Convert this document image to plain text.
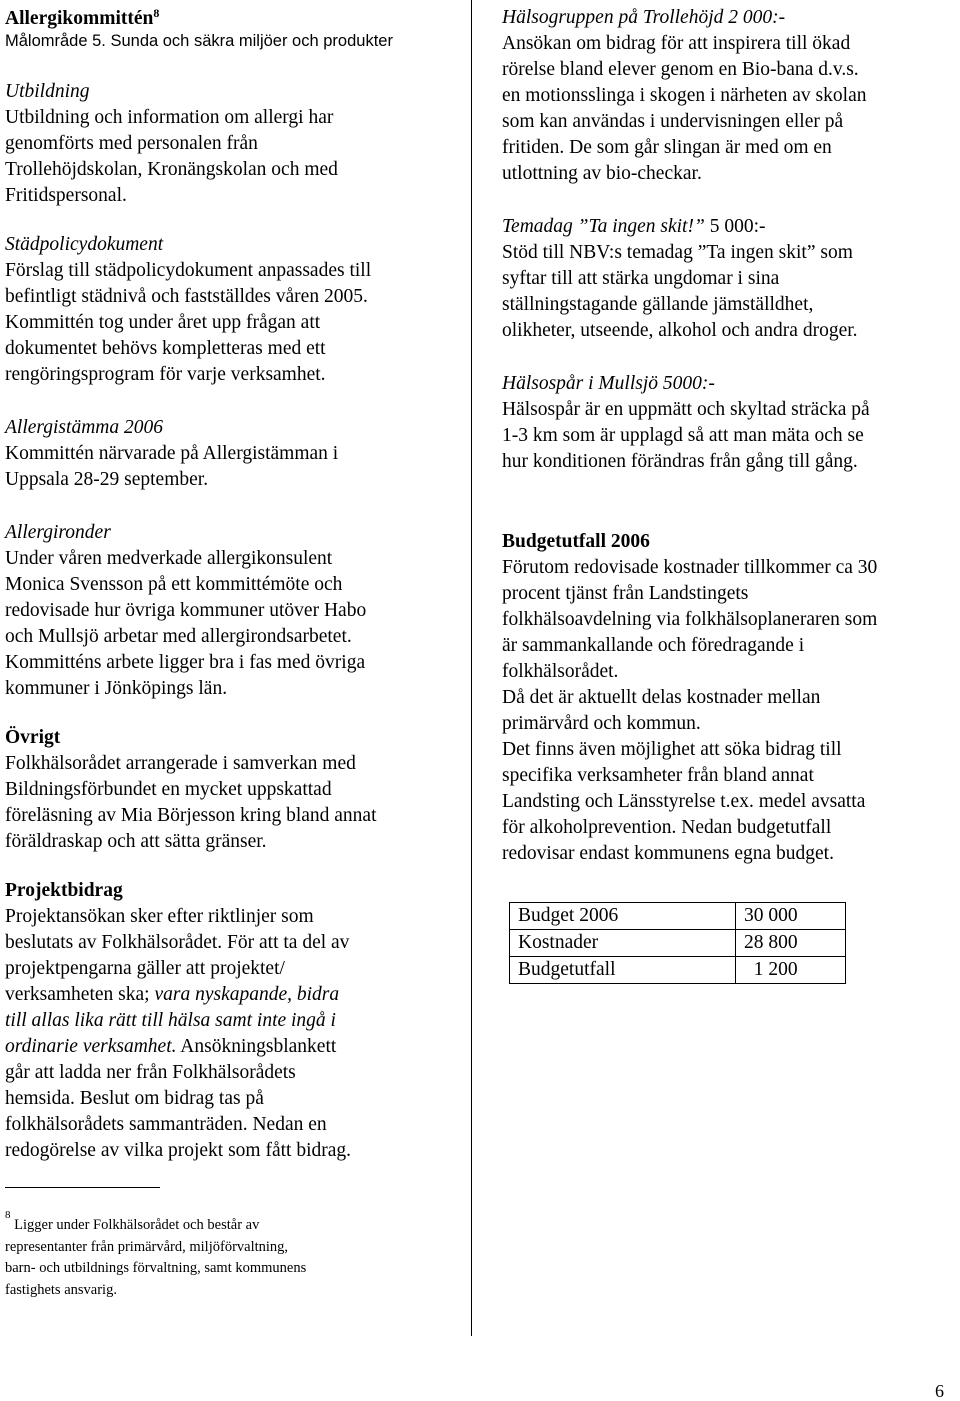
Allergikommittén$^8$

Målområde 5. Sunda och säkra miljöer och produkter

Utbildning

Utbildning och information om allergi har

genomförts med personalen från

Trollehöjdskolan, Kronängskolan och med

Fritidspersonal.

Städpolicydokument

Förslag till städpolicydokument anpassades till

befintligt städnivå och fastställdes våren 2005.

Kommittén tog under året upp frågan att

dokumentet behövs kompletteras med ett

rengöringsprogram för varje verksamhet.

Allergistämma 2006

Kommittén närvarade på Allergistämman i

Uppsala 28-29 september.

Allergironder

Under våren medverkade allergikonsulent

Monica Svensson på ett kommittémöte och

redovisade hur övriga kommuner utöver Habo

och Mullsjö arbetar med allergirondsarbetet.

Kommitténs arbete ligger bra i fas med övriga

kommuner i Jönköpings län.

Övrigt

Folkhälsorådet arrangerade i samverkan med

Bildningsförbundet en mycket uppskattad

föreläsning av Mia Börjesson kring bland annat

föräldraskap och att sätta gränser.

Projektbidrag

Projektansökan sker efter riktlinjer som

beslutats av Folkhälsorådet. För att ta del av

projektpengarna gäller att projektet/

verksamheten ska; vara nyskapande, bidra

till allas lika rätt till hälsa samt inte ingå i

ordinarie verksamhet. Ansökningsblankett

går att ladda ner från Folkhälsorådets

hemsida. Beslut om bidrag tas på

folkhälsorådets sammanträden. Nedan en

redogörelse av vilka projekt som fått bidrag.

Hälsogruppen på Trollehöjd 2 000:-

Ansökan om bidrag för att inspirera till ökad

rörelse bland elever genom en Bio-bana d.v.s.

en motionsslinga i skogen i närheten av skolan

som kan användas i undervisningen eller på

fritiden. De som går slingan är med om en

utlottning av bio-checkar.

Temadag ”Ta ingen skit!” 5 000:-

Stöd till NBV:s temadag ”Ta ingen skit” som

syftar till att stärka ungdomar i sina

ställningstagande gällande jämställdhet,

olikheter, utseende, alkohol och andra droger.

Hälsospår i Mullsjö 5000:-

Hälsospår är en uppmätt och skyltad sträcka på

1-3 km som är upplagd så att man mäta och se

hur konditionen förändras från gång till gång.

Budgetutfall 2006

Förutom redovisade kostnader tillkommer ca 30

procent tjänst från Landstingets

folkhälsoavdelning via folkhälsoplaneraren som

är sammankallande och föredragande i

folkhälsorådet.

Då det är aktuellt delas kostnader mellan

primärvård och kommun.

Det finns även möjlighet att söka bidrag till

specifika verksamheter från bland annat

Landsting och Länsstyrelse t.ex. medel avsatta

för alkoholprevention. Nedan budgetutfall

redovisar endast kommunens egna budget.

Budget 2006	30 000
Kostnader	28 800
Budgetutfall	1 200

$^8$ Ligger under Folkhälsorådet och består av

representanter från primärvård, miljöförvaltning,

barn- och utbildnings förvaltning, samt kommunens

fastighets ansvarig.

6
